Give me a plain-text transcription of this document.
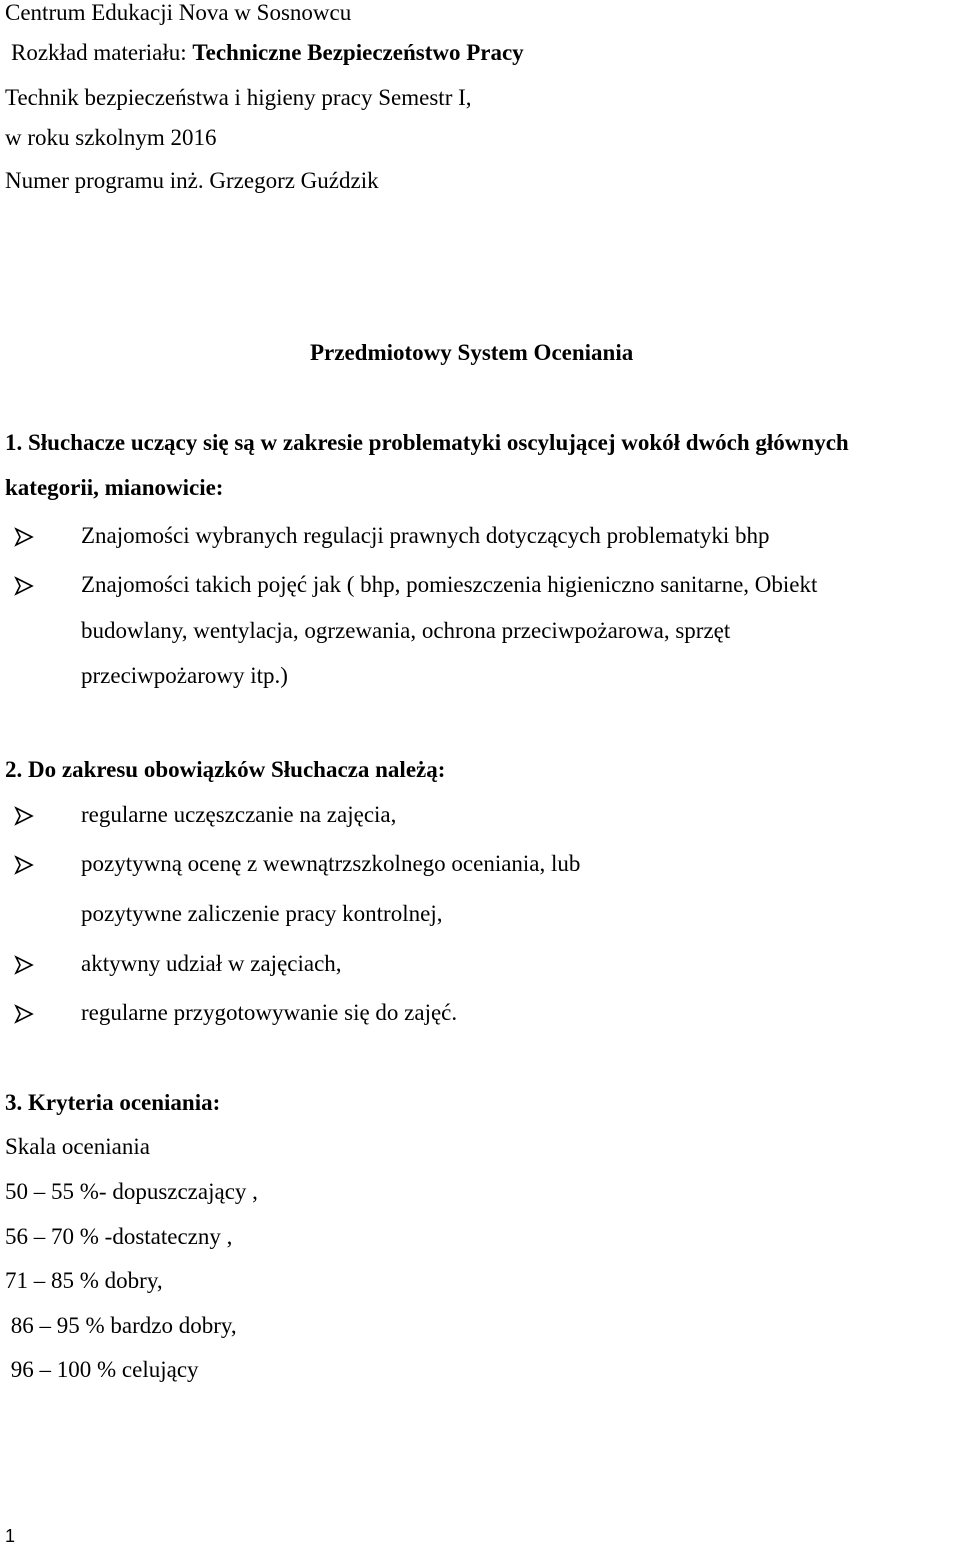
Centrum Edukacji Nova w Sosnowcu
Rozkład materiału: Techniczne Bezpieczeństwo Pracy
Technik bezpieczeństwa i higieny pracy Semestr I,
w roku szkolnym 2016
Numer programu inż. Grzegorz Guździk
Przedmiotowy System Oceniania
1. Słuchacze uczący się są w zakresie problematyki oscylującej wokół dwóch głównych
kategorii, mianowicie:
Znajomości wybranych regulacji prawnych dotyczących problematyki bhp
Znajomości takich pojęć jak ( bhp, pomieszczenia higieniczno sanitarne, Obiekt
budowlany, wentylacja, ogrzewania, ochrona przeciwpożarowa, sprzęt
przeciwpożarowy itp.)
2. Do zakresu obowiązków Słuchacza należą:
regularne uczęszczanie na zajęcia,
pozytywną ocenę z wewnątrzszkolnego oceniania, lub
pozytywne zaliczenie pracy kontrolnej,
aktywny udział w zajęciach,
regularne przygotowywanie się do zajęć.
3. Kryteria oceniania:
Skala oceniania
50 – 55 %- dopuszczający ,
56 – 70 % -dostateczny ,
71 – 85 % dobry,
86 – 95 % bardzo dobry,
96 – 100 % celujący
1
